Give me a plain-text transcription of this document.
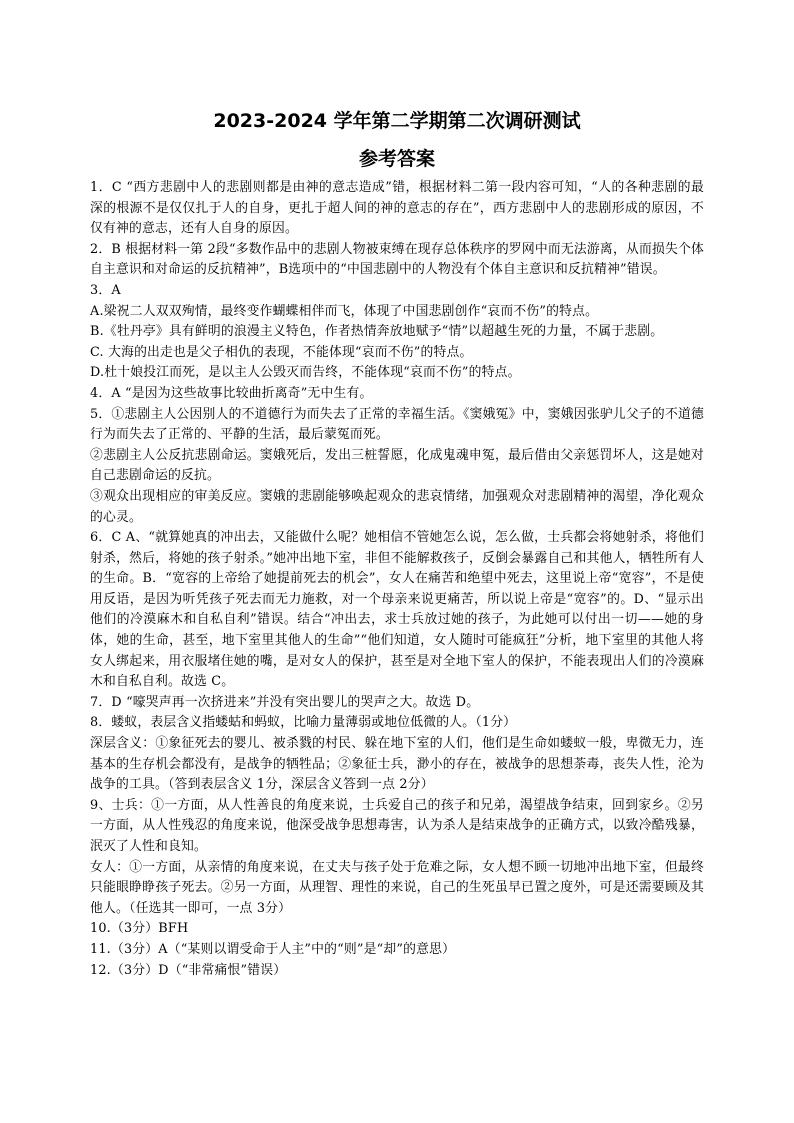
2023-2024 学年第二学期第二次调研测试
参考答案

1．C “西方悲剧中人的悲剧则都是由神的意志造成”错，根据材料二第一段内容可知，“人的各种悲剧的最深的根源不是仅仅扎于人的自身，更扎于超人间的神的意志的存在”，西方悲剧中人的悲剧形成的原因，不仅有神的意志，还有人自身的原因。

2．B 根据材料一第 2段“多数作品中的悲剧人物被束缚在现存总体秩序的罗网中而无法游离，从而损失个体自主意识和对命运的反抗精神”，B选项中的“中国悲剧中的人物没有个体自主意识和反抗精神”错误。

3．A

A.梁祝二人双双殉情，最终变作蝴蝶相伴而飞，体现了中国悲剧创作“哀而不伤”的特点。

B.《牡丹亭》具有鲜明的浪漫主义特色，作者热情奔放地赋予“情”以超越生死的力量，不属于悲剧。

C. 大海的出走也是父子相仇的表现，不能体现“哀而不伤”的特点。

D.杜十娘投江而死，是以主人公毁灭而告终，不能体现“哀而不伤”的特点。

4．A “是因为这些故事比较曲折离奇”无中生有。

5．①悲剧主人公因别人的不道德行为而失去了正常的幸福生活。《窦娥冤》中，窦娥因张驴儿父子的不道德行为而失去了正常的、平静的生活，最后蒙冤而死。

②悲剧主人公反抗悲剧命运。窦娥死后，发出三桩誓愿，化成鬼魂申冤，最后借由父亲惩罚坏人，这是她对自己悲剧命运的反抗。

③观众出现相应的审美反应。窦娥的悲剧能够唤起观众的悲哀情绪，加强观众对悲剧精神的渴望，净化观众的心灵。

6．C A、“就算她真的冲出去，又能做什么呢？她相信不管她怎么说，怎么做，士兵都会将她射杀，将他们射杀，然后，将她的孩子射杀。”她冲出地下室，非但不能解救孩子，反倒会暴露自己和其他人，牺牲所有人的生命。B．“宽容的上帝给了她提前死去的机会”，女人在痛苦和绝望中死去，这里说上帝“宽容”，不是使用反语，是因为听凭孩子死去而无力施救，对一个母亲来说更痛苦，所以说上帝是“宽容”的。D、“显示出他们的冷漠麻木和自私自利”错误。结合“冲出去，求士兵放过她的孩子，为此她可以付出一切——她的身体，她的生命，甚至，地下室里其他人的生命”“他们知道，女人随时可能疯狂”分析，地下室里的其他人将女人绑起来，用衣服堵住她的嘴，是对女人的保护，甚至是对全地下室人的保护，不能表现出人们的冷漠麻木和自私自利。故选 C。

7．D “嚎哭声再一次挤进来”并没有突出婴儿的哭声之大。故选 D。

8．蝼蚁，表层含义指蝼蛄和蚂蚁，比喻力量薄弱或地位低微的人。（1分）

深层含义：①象征死去的婴儿、被杀戮的村民、躲在地下室的人们，他们是生命如蝼蚁一般，卑微无力，连基本的生存机会都没有，是战争的牺牲品；②象征士兵，渺小的存在，被战争的思想荼毒，丧失人性，沦为战争的工具。（答到表层含义 1分，深层含义答到一点 2分）

9、士兵：①一方面，从人性善良的角度来说，士兵爱自己的孩子和兄弟，渴望战争结束，回到家乡。②另一方面，从人性残忍的角度来说，他深受战争思想毒害，认为杀人是结束战争的正确方式，以致冷酷残暴，泯灭了人性和良知。

女人：①一方面，从亲情的角度来说，在丈夫与孩子处于危难之际，女人想不顾一切地冲出地下室，但最终只能眼睁睁孩子死去。②另一方面，从理智、理性的来说，自己的生死虽早已置之度外，可是还需要顾及其他人。（任选其一即可，一点 3分）

10.（3分）BFH

11.（3分）A（“某则以谓受命于人主”中的“则”是“却”的意思）

12.（3分）D（“非常痛恨”错误）
